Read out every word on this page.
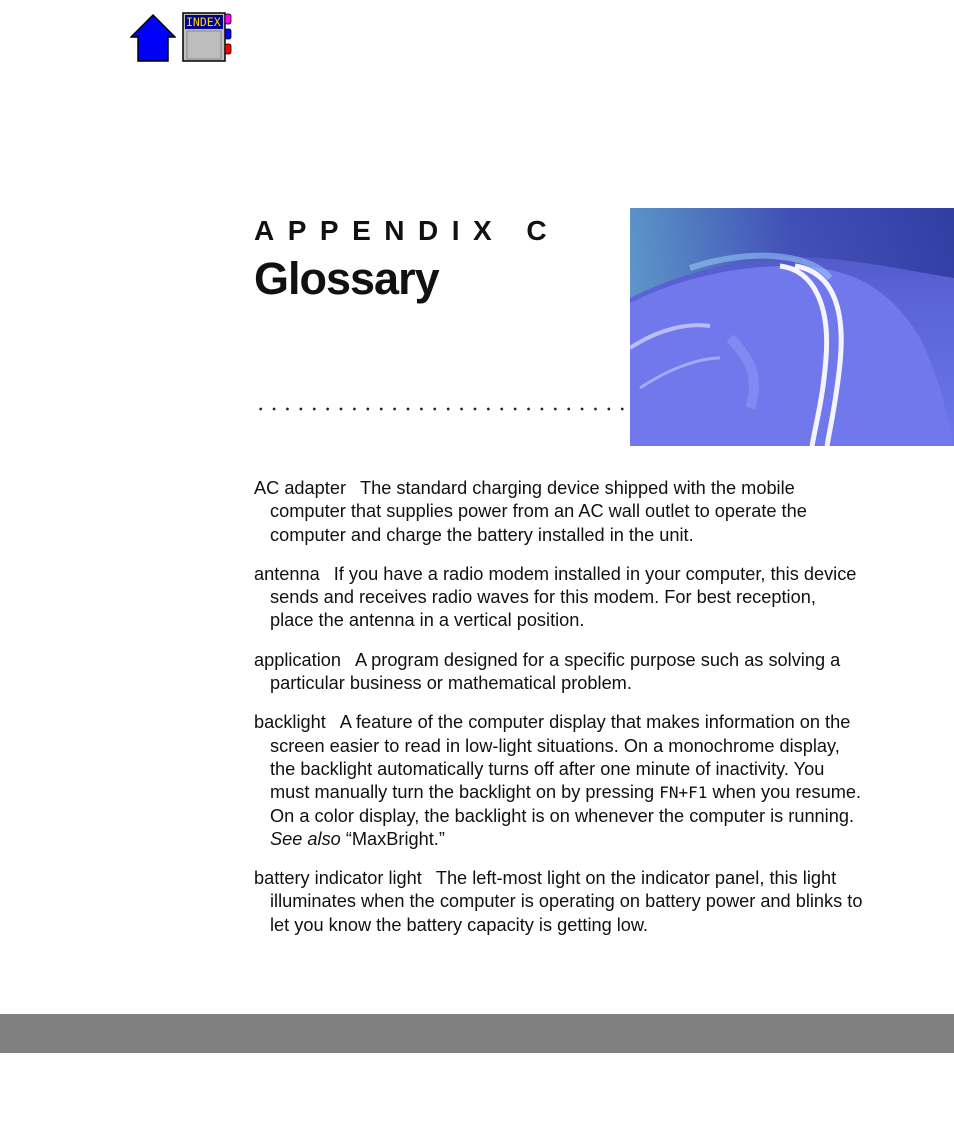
INDEX
APPENDIX C
Glossary

AC adapter The standard charging device shipped with the mobile computer that supplies power from an AC wall outlet to operate the computer and charge the battery installed in the unit.

antenna If you have a radio modem installed in your computer, this device sends and receives radio waves for this modem. For best reception, place the antenna in a vertical position.

application A program designed for a specific purpose such as solving a particular business or mathematical problem.

backlight A feature of the computer display that makes information on the screen easier to read in low-light situations. On a monochrome display, the backlight automatically turns off after one minute of inactivity. You must manually turn the backlight on by pressing FN+F1 when you resume. On a color display, the backlight is on whenever the computer is running. See also “MaxBright.”

battery indicator light The left-most light on the indicator panel, this light illuminates when the computer is operating on battery power and blinks to let you know the battery capacity is getting low.
